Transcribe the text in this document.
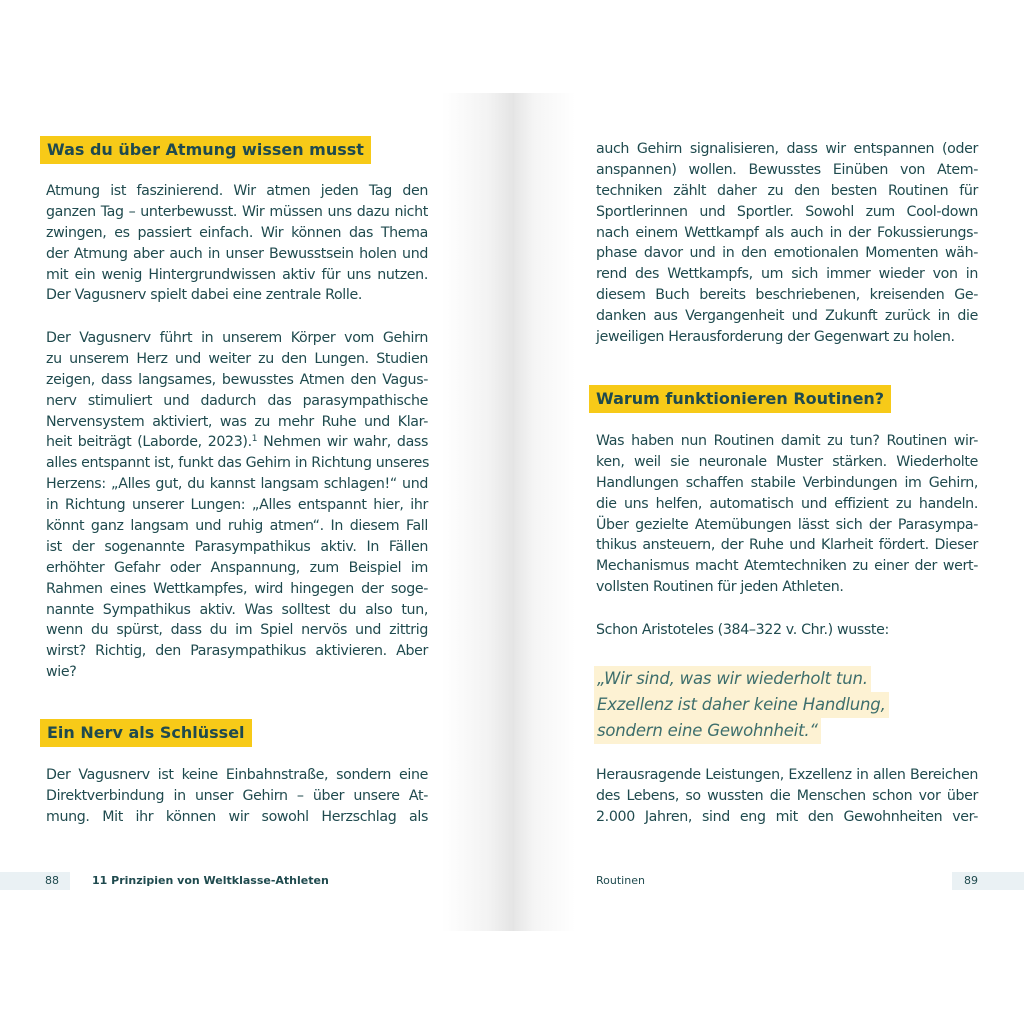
Was du über Atmung wissen musst
Atmung ist faszinierend. Wir atmen jeden Tag den
ganzen Tag – unterbewusst. Wir müssen uns dazu nicht
zwingen, es passiert einfach. Wir können das Thema
der Atmung aber auch in unser Bewusstsein holen und
mit ein wenig Hintergrundwissen aktiv für uns nutzen.
Der Vagusnerv spielt dabei eine zentrale Rolle.
Der Vagusnerv führt in unserem Körper vom Gehirn
zu unserem Herz und weiter zu den Lungen. Studien
zeigen, dass langsames, bewusstes Atmen den Vagus-
nerv stimuliert und dadurch das parasympathische
Nervensystem aktiviert, was zu mehr Ruhe und Klar-
heit beiträgt (Laborde, 2023).$^1$ Nehmen wir wahr, dass
alles entspannt ist, funkt das Gehirn in Richtung unseres
Herzens: „Alles gut, du kannst langsam schlagen!“ und
in Richtung unserer Lungen: „Alles entspannt hier, ihr
könnt ganz langsam und ruhig atmen“. In diesem Fall
ist der sogenannte Parasympathikus aktiv. In Fällen
erhöhter Gefahr oder Anspannung, zum Beispiel im
Rahmen eines Wettkampfes, wird hingegen der soge-
nannte Sympathikus aktiv. Was solltest du also tun,
wenn du spürst, dass du im Spiel nervös und zittrig
wirst? Richtig, den Parasympathikus aktivieren. Aber
wie?
Ein Nerv als Schlüssel
Der Vagusnerv ist keine Einbahnstraße, sondern eine
Direktverbindung in unser Gehirn – über unsere At-
mung. Mit ihr können wir sowohl Herzschlag als
auch Gehirn signalisieren, dass wir entspannen (oder
anspannen) wollen. Bewusstes Einüben von Atem-
techniken zählt daher zu den besten Routinen für
Sportlerinnen und Sportler. Sowohl zum Cool-down
nach einem Wettkampf als auch in der Fokussierungs-
phase davor und in den emotionalen Momenten wäh-
rend des Wettkampfs, um sich immer wieder von in
diesem Buch bereits beschriebenen, kreisenden Ge-
danken aus Vergangenheit und Zukunft zurück in die
jeweiligen Herausforderung der Gegenwart zu holen.
Warum funktionieren Routinen?
Was haben nun Routinen damit zu tun? Routinen wir-
ken, weil sie neuronale Muster stärken. Wiederholte
Handlungen schaffen stabile Verbindungen im Gehirn,
die uns helfen, automatisch und effizient zu handeln.
Über gezielte Atemübungen lässt sich der Parasympa-
thikus ansteuern, der Ruhe und Klarheit fördert. Dieser
Mechanismus macht Atemtechniken zu einer der wert-
vollsten Routinen für jeden Athleten.
Schon Aristoteles (384–322 v. Chr.) wusste:
„Wir sind, was wir wiederholt tun.
Exzellenz ist daher keine Handlung,
sondern eine Gewohnheit.“
Herausragende Leistungen, Exzellenz in allen Bereichen
des Lebens, so wussten die Menschen schon vor über
2.000 Jahren, sind eng mit den Gewohnheiten ver-
88	11 Prinzipien von Weltklasse-Athleten	Routinen	89
